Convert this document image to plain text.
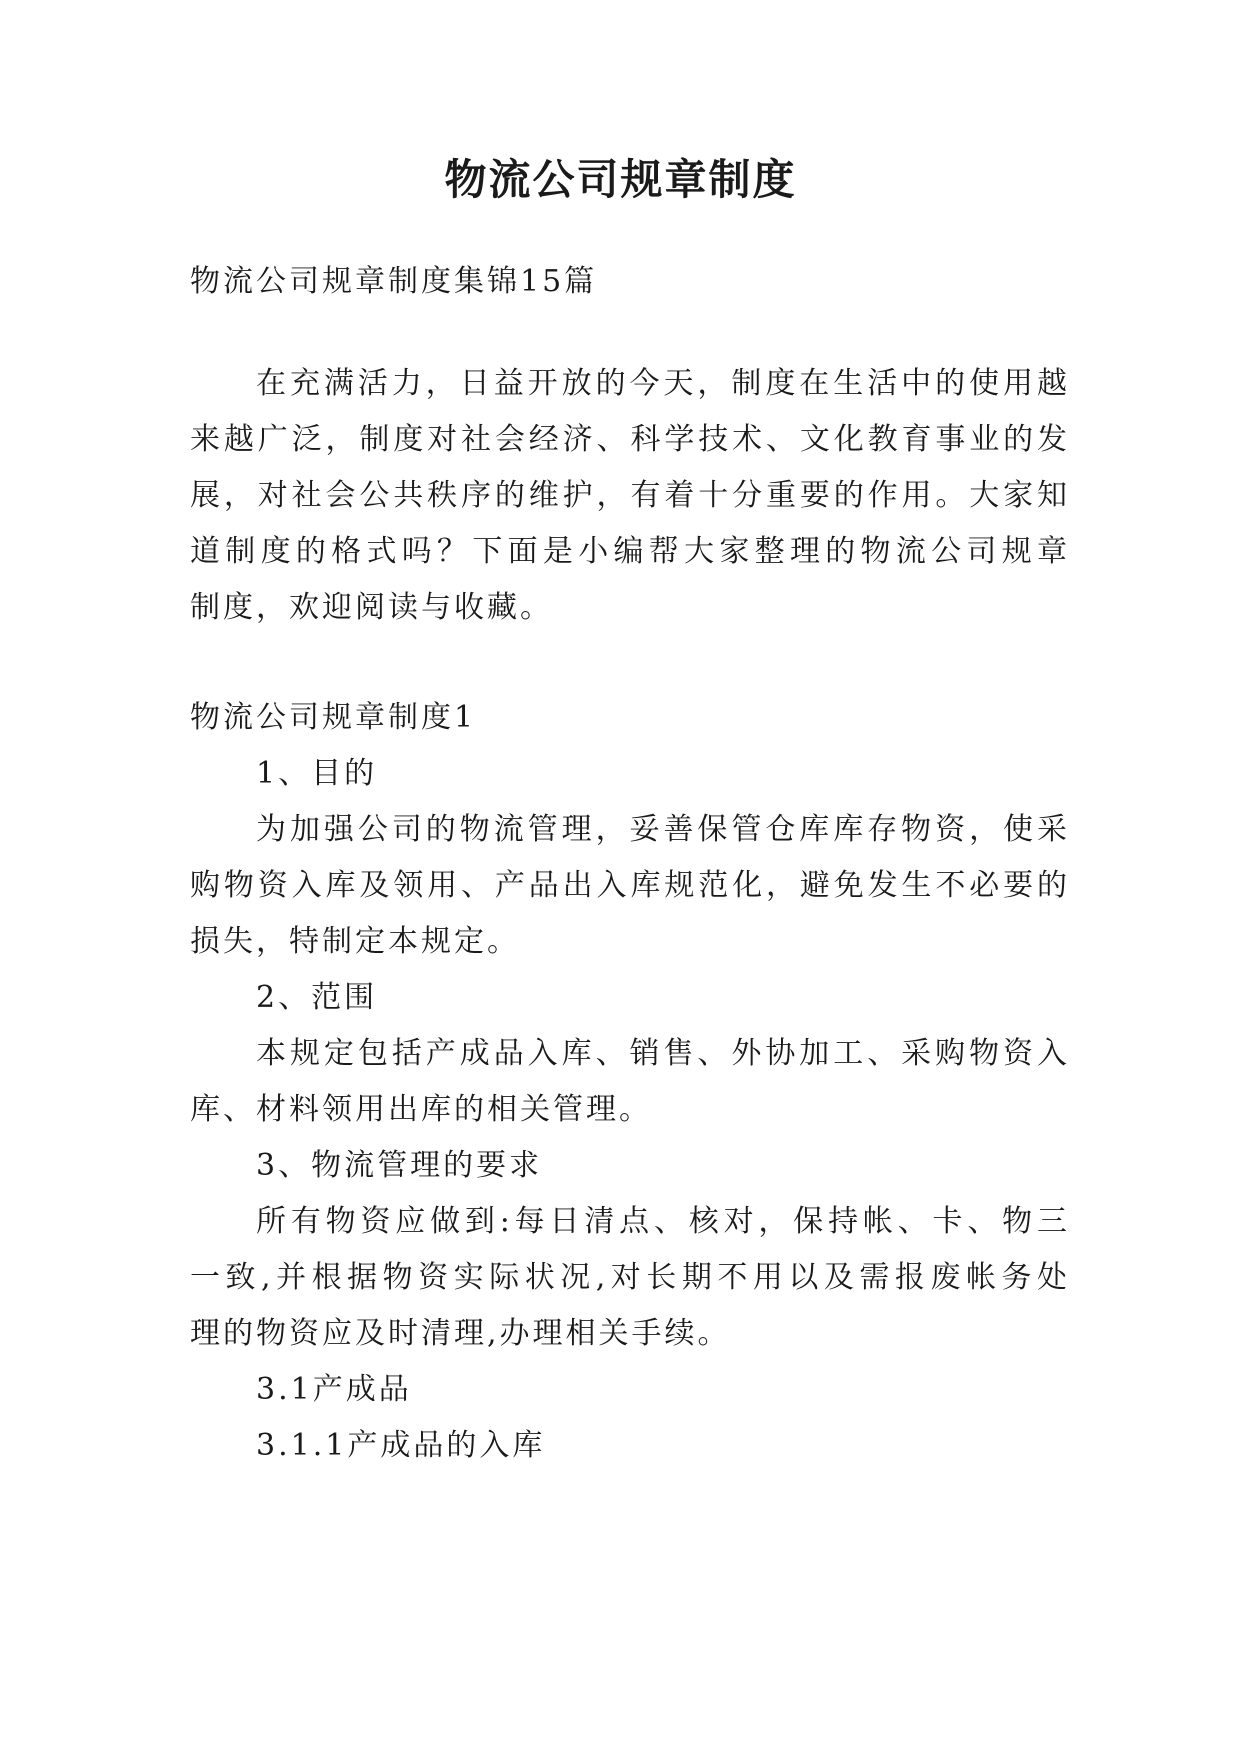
物流公司规章制度
物流公司规章制度集锦15篇
在充满活力，日益开放的今天，制度在生活中的使用越
来越广泛，制度对社会经济、科学技术、文化教育事业的发
展，对社会公共秩序的维护，有着十分重要的作用。大家知
道制度的格式吗？下面是小编帮大家整理的物流公司规章
制度，欢迎阅读与收藏。
物流公司规章制度1
1、目的
为加强公司的物流管理，妥善保管仓库库存物资，使采
购物资入库及领用、产品出入库规范化，避免发生不必要的
损失，特制定本规定。
2、范围
本规定包括产成品入库、销售、外协加工、采购物资入
库、材料领用出库的相关管理。
3、物流管理的要求
所有物资应做到:每日清点、核对，保持帐、卡、物三
一致,并根据物资实际状况,对长期不用以及需报废帐务处
理的物资应及时清理,办理相关手续。
3.1产成品
3.1.1产成品的入库
